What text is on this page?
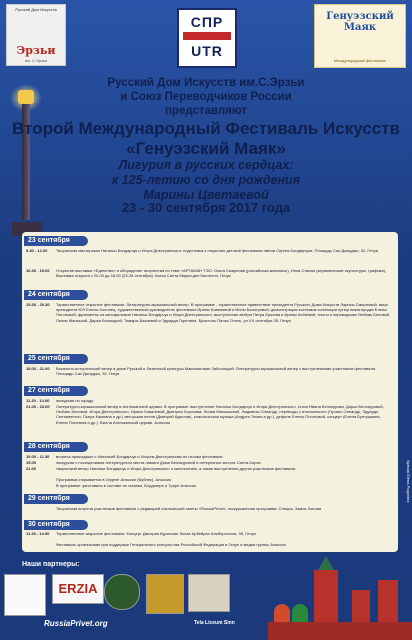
Русский Дом Искусств
Эрзьи
им. С.Эрзьи
СПР
UTR
Генуэзский Маяк
Международный фестиваль
Русский Дом Искусств им.С.Эрзьи
и Союз Переводчиков России
представляют
Второй Международный Фестиваль Искусств
«Генуэзский Маяк»
Лигурия в русских сердцах:
к 125-летию со дня рождения
Марины Цветаевой
23 - 30 сентября 2017 года
23 сентября
9.30 - 12.00	Творческая мастерская Натальи Бондарчук и Игоря Днестрянского: подготовка к открытию детской фестиваля имени Сергея Бондарчука. Площадь Сан Джорджо, 32, Генуя
16.30 - 19.00	Открытие выставки «Единство» и обсуждение творчества по теме «АРТАМАН ТЭО: Ольга Смирнова (российская живопись), Инна Стасюк (керамические скульптуры, графика), Выставка открыта с 20.00 до 18.00 (23-26 сентября). Кьеза Санта Мария дел Кастелло, Генуя
24 сентября
15.30 - 20.30	Торжественное открытие фестиваля. Литературно-музыкальный вечер. В программе - торжественное приветствие президента Русского Дома Искусств Ларисы Смирновой, вице-президента ЮЛ Елены Колонец, художественный руководитель фестиваля Ирины Ковалевой и Инны Балогровой; демонстрация костюмов коллекции кутюр нижегородки Елены Погоновой; фрагменты из кинофильмов Натальи Бондарчук и Игоря Днестрянского; выступление актёра Петра Ершова и Ирины Кобзевой, поэты и переводчики Любовь Беловой, Лилия Малышой, Дарьи Белокурой, Тамары Бахаевой и Эдуарда Горелина. Бристоль Палас Отель, ул.XX сентября 35, Генуя
25 сентября
18.00 - 21.00	Вокально-исторический вечер в доме Русской и Латинской культуры Максимилиан Заболоцкий. Литературно-музыкальный вечер с выступлениями участников фестиваля. Площадь Сан Джорджо, 32, Генуя
27 сентября
11.30 - 14.00	экскурсия по городу.
21.00 - 23.00	Литературно-музыкальный вечер в Англиканской церкви. В программе: выступление Натальи Бондарчук и Игоря Днестрянского, стихи Ивана Белокурова, Дарьи Белокуровой, Любовь Беловой, Игоря Днестрянского, Ирины Ковалевой, Дмитрия Хорозова, Лилии Малышевой, Людмилы Олеандр, переводы с итальянского (Лучано Олеандр, Эдуардо Сентаментьи, Пьера Кампана и др.) авторская песня (Дмитрий Курилов), классическая музыка (Андрея Элова и др.), дефиле Елены Погоновой, концерт (Елена Бунтушкина, Елена Погонина и др.). Вилла Англиканской церкви, Алассио
28 сентября
10.00 - 11.30	встреча пришедших с Натальей Бондарчук и Игорем Днестрянским по итогам фестиваля.
15.00	экскурсия с посещениями литературного места памяти Дома Белокуровой и интересных местах Санта-Хорхе.
21.00	творческий вечер Натальи Бондарчук и Игоря Днестрянского о кинопоэтике, а также выступления других участников фестиваля.
Программа открывается в Отделе Алассио (Бубнес), Алассио
В программе: фестиваль в составе по линиям, Бордигере и Трире Алассио
29 сентября
Творческая встреча участников фестиваля с редакцией итальянской газеты «RussiaPrivet», экскурсионная программа. Специя, Замок Лонова
30 сентября
11.30 - 14.00	Торжественное закрытие фестиваля. Концерт Дмитрия Курилова. Кьеза Арбейрах Альбергольти, 3б, Генуя
Фестиваль организован при поддержке Генерального консульства Российской Федерации в Генуе и медиа группы Алассио
Special.Elena.Pogonina
Наши партнеры:
ERZIA
RussiaPrivet.org	Tela Liceum Sinn
